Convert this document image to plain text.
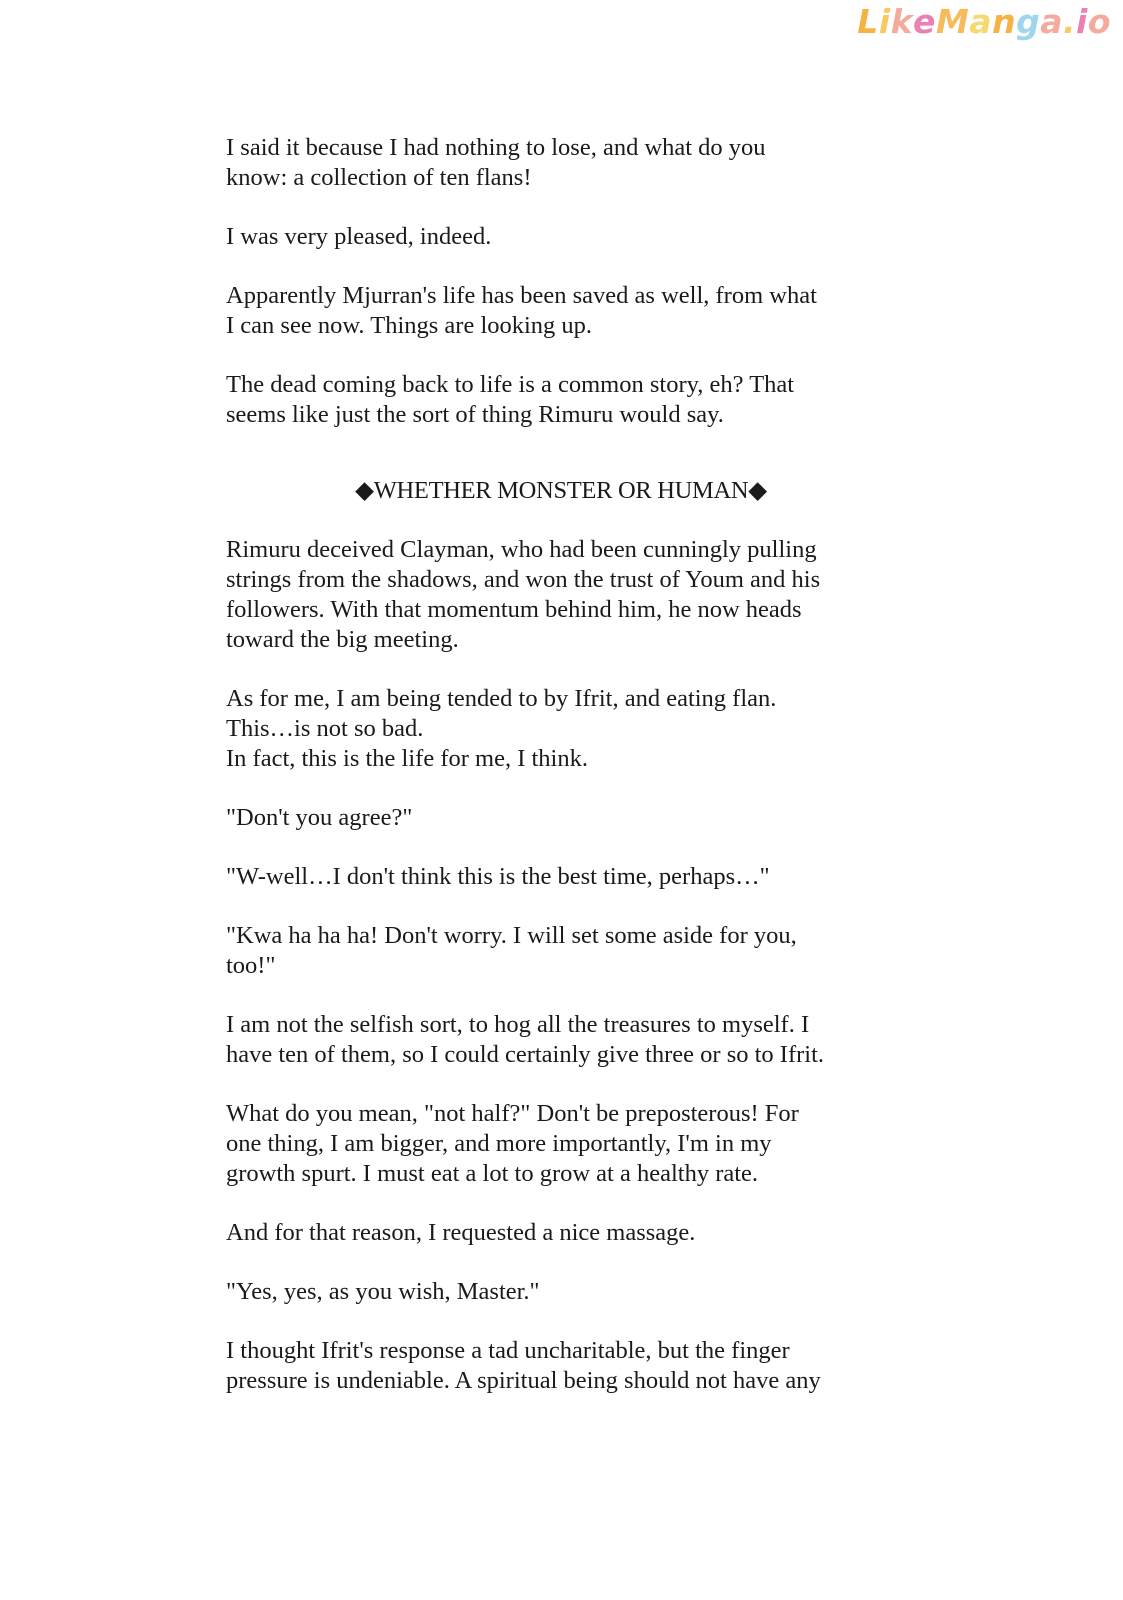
LikeManga.io

I said it because I had nothing to lose, and what do you
know: a collection of ten flans!

I was very pleased, indeed.

Apparently Mjurran's life has been saved as well, from what
I can see now. Things are looking up.

The dead coming back to life is a common story, eh? That
seems like just the sort of thing Rimuru would say.

◆WHETHER MONSTER OR HUMAN◆

Rimuru deceived Clayman, who had been cunningly pulling
strings from the shadows, and won the trust of Youm and his
followers. With that momentum behind him, he now heads
toward the big meeting.

As for me, I am being tended to by Ifrit, and eating flan.
This…is not so bad.
In fact, this is the life for me, I think.

"Don't you agree?"

"W-well…I don't think this is the best time, perhaps…"

"Kwa ha ha ha! Don't worry. I will set some aside for you,
too!"

I am not the selfish sort, to hog all the treasures to myself. I
have ten of them, so I could certainly give three or so to Ifrit.

What do you mean, "not half?" Don't be preposterous! For
one thing, I am bigger, and more importantly, I'm in my
growth spurt. I must eat a lot to grow at a healthy rate.

And for that reason, I requested a nice massage.

"Yes, yes, as you wish, Master."

I thought Ifrit's response a tad uncharitable, but the finger
pressure is undeniable. A spiritual being should not have any
